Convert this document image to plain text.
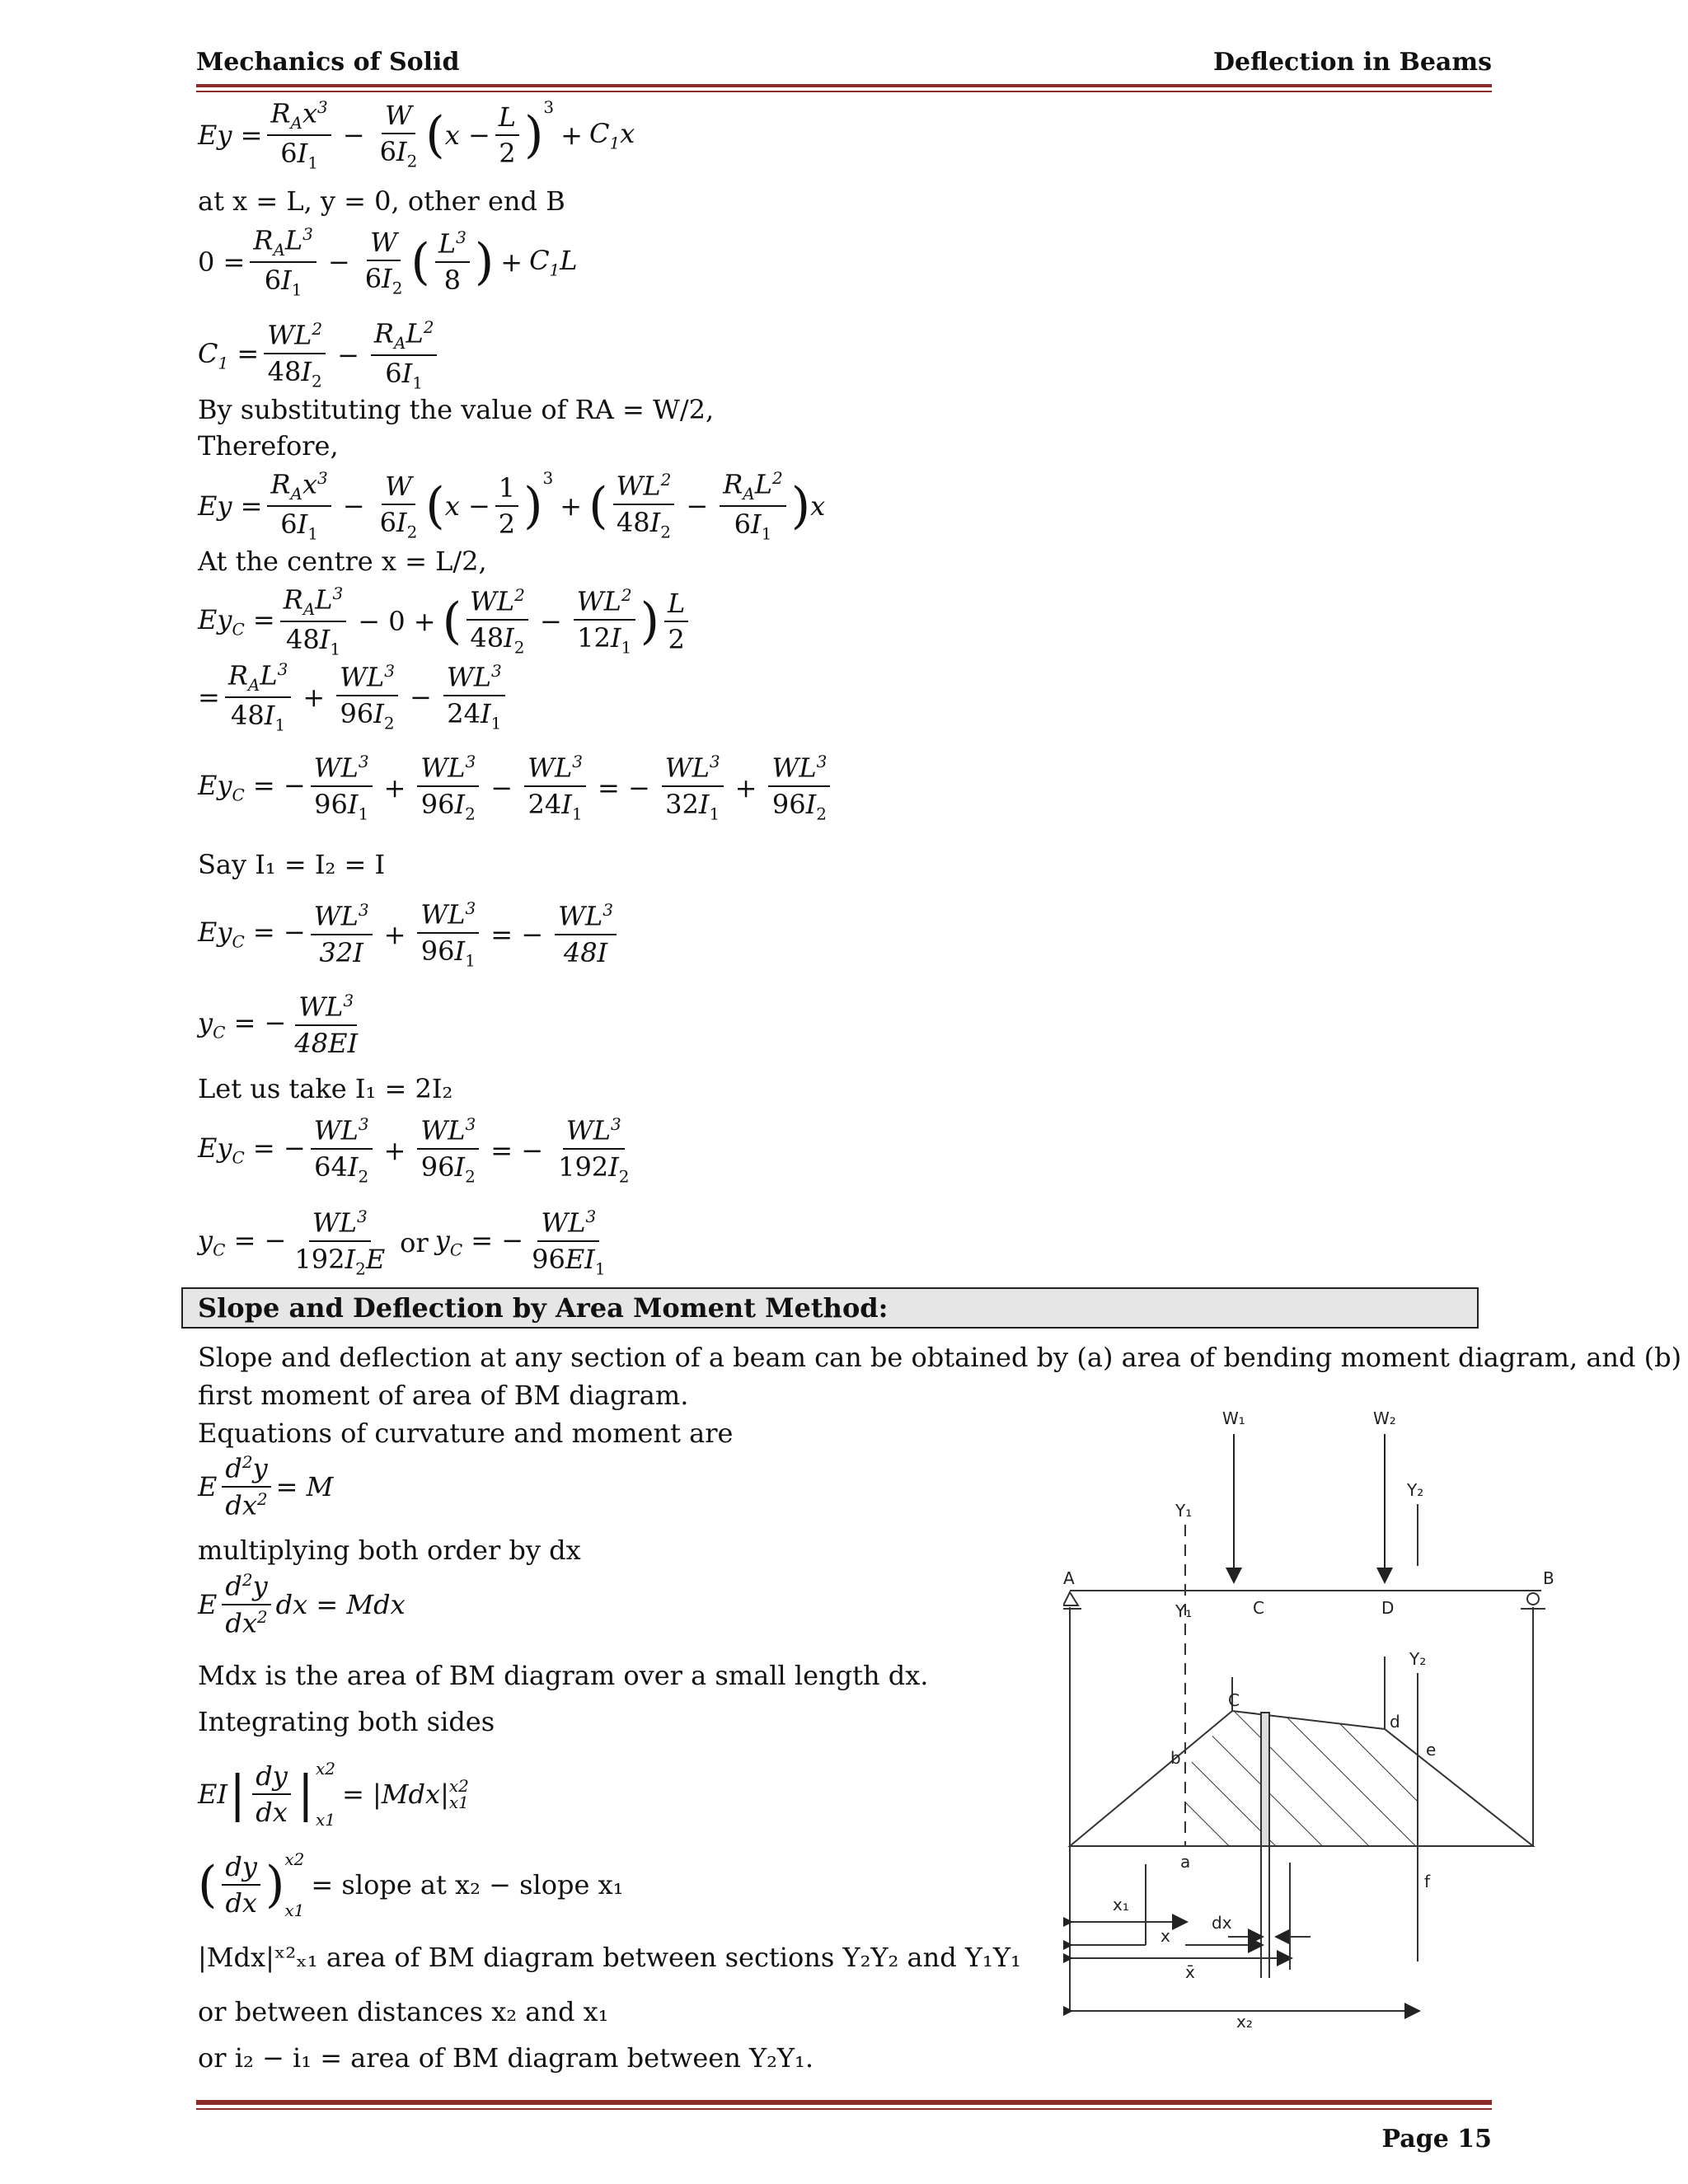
Mechanics of Solid	Deflection in Beams
$Ey = \frac{R_Ax^3}{6I_1} - \frac{W}{6I_2}$ ( $x - \frac{L}{2} )^3$
+ $C_1x$
at x = L, y = 0, other end B
$0 = \frac{R_AL^3}{6I_1} - \frac{W}{6I_2}$ ( $\frac{L^3}{8}$ ) + $C_1L$
$C_1 = \frac{WL^2}{48I_2} - \frac{R_AL^2}{6I_1}$
By substituting the value of RA = W/2,
Therefore,
$Ey = \frac{R_Ax^3}{6I_1} - \frac{W}{6I_2}$ ( $x - \frac{1}{2} )^3$
+ ( $\frac{WL^2}{48I_2} - \frac{R_AL^2}{6I_1}$ ) x
At the centre x = L/2,
$Ey_C = \frac{R_AL^3}{48I_1} - 0$ + ( $\frac{WL^2}{48I_2} - \frac{WL^2}{12I_1}$ ) $\frac{L}{2}$
= $\frac{R_AL^3}{48I_1} + \frac{WL^3}{96I_2} - \frac{WL^3}{24I_1}$
$Ey_C$ = − $\frac{WL^3}{96I_1} + \frac{WL^3}{96I_2} - \frac{WL^3}{24I_1}$ = − $\frac{WL^3}{32I_1} + \frac{WL^3}{96I_2}$
Say I₁ = I₂ = I
$Ey_C$ = − $\frac{WL^3}{32I} + \frac{WL^3}{96I_1}$ = − $\frac{WL^3}{48I}$
$y_C$ = − $\frac{WL^3}{48EI}$
Let us take I₁ = 2I₂
$Ey_C$ = − $\frac{WL^3}{64I_2} + \frac{WL^3}{96I_2}$ = − $\frac{WL^3}{192I_2}$
$y_C$ = − $\frac{WL^3}{192I_2E}$ or $y_C$ = − $\frac{WL^3}{96EI_1}$
Slope and Deflection by Area Moment Method:
Slope and deflection at any section of a beam can be obtained by (a) area of bending moment diagram, and (b)
first moment of area of BM diagram.
Equations of curvature and moment are
E $\frac{d^2y}{dx^2} = M$
multiplying both order by dx
E $\frac{d^2y}{dx^2}$ dx = Mdx
Mdx is the area of BM diagram over a small length dx.
Integrating both sides
EI | $\frac{dy}{dx}$ | x2
x1
= |Mdx| x2
x1
( $\frac{dy}{dx}$ ) x2
x1
= slope at x₂ − slope x₁
|Mdx|ˣ²ₓ₁ area of BM diagram between sections Y₂Y₂ and Y₁Y₁
or between distances x₂ and x₁
or i₂ − i₁ = area of BM diagram between Y₂Y₁.
W₁	W₂
Y₂
Y₁
A	B
C	D
Y₁
Y₂
C
b
d
e
a
f
x₁
x
dx
x̄
x₂
Page 15
